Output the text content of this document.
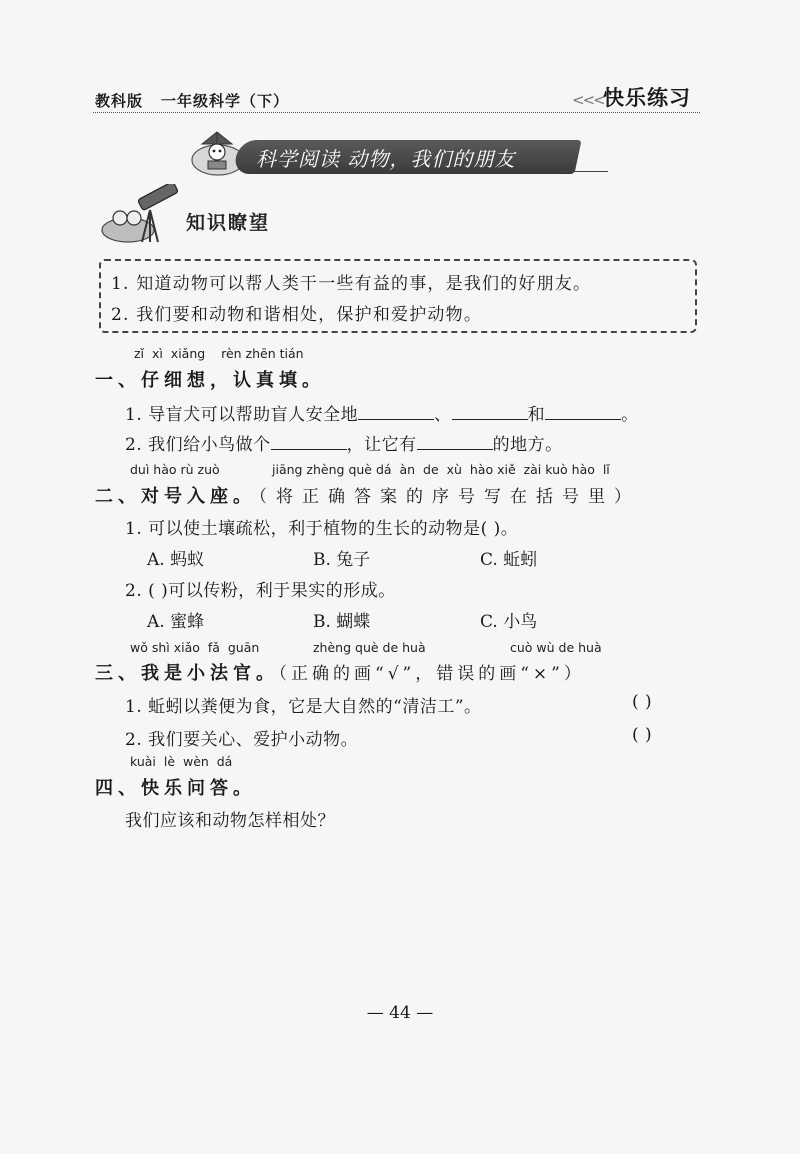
教科版 一年级科学（下）	<<< 快乐练习
科学阅读 动物，我们的朋友
知识瞭望
1. 知道动物可以帮人类干一些有益的事，是我们的好朋友。
2. 我们要和动物和谐相处，保护和爱护动物。
zǐ  xì  xiǎng    rèn zhēn tián
一、仔细想，认真填。
1. 导盲犬可以帮助盲人安全地	、	和	。
2. 我们给小鸟做个	，让它有	的地方。
duì hào rù zuò	jiāng zhèng què dá  àn  de  xù  hào xiě  zài kuò hào  lǐ
二、对号入座。
（将正确答案的序号写在括号里）
1. 可以使土壤疏松，利于植物的生长的动物是( )。
A. 蚂蚁	B. 兔子	C. 蚯蚓
2. ( )可以传粉，利于果实的形成。
A. 蜜蜂	B. 蝴蝶	C. 小鸟
wǒ shì xiǎo  fǎ  guān	zhèng què de huà	cuò wù de huà
三、我是小法官。
（正确的画“√”，错误的画“×”）
1. 蚯蚓以粪便为食，它是大自然的“清洁工”。	( )
2. 我们要关心、爱护小动物。	( )
kuài  lè  wèn  dá
四、快乐问答。
我们应该和动物怎样相处？
— 44 —
